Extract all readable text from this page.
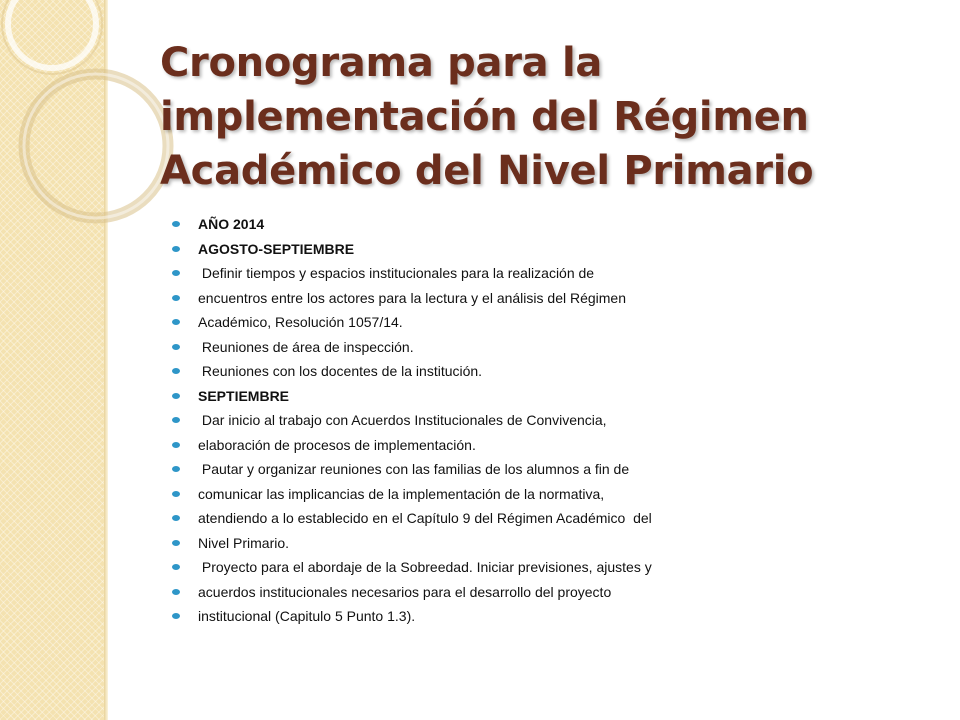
Cronograma para la
implementación del Régimen
Académico del Nivel Primario
AÑO 2014
AGOSTO-SEPTIEMBRE
Definir tiempos y espacios institucionales para la realización de
encuentros entre los actores para la lectura y el análisis del Régimen
Académico, Resolución 1057/14.
Reuniones de área de inspección.
Reuniones con los docentes de la institución.
SEPTIEMBRE
Dar inicio al trabajo con Acuerdos Institucionales de Convivencia,
elaboración de procesos de implementación.
Pautar y organizar reuniones con las familias de los alumnos a fin de
comunicar las implicancias de la implementación de la normativa,
atendiendo a lo establecido en el Capítulo 9 del Régimen Académico  del
Nivel Primario.
Proyecto para el abordaje de la Sobreedad. Iniciar previsiones, ajustes y
acuerdos institucionales necesarios para el desarrollo del proyecto
institucional (Capitulo 5 Punto 1.3).
